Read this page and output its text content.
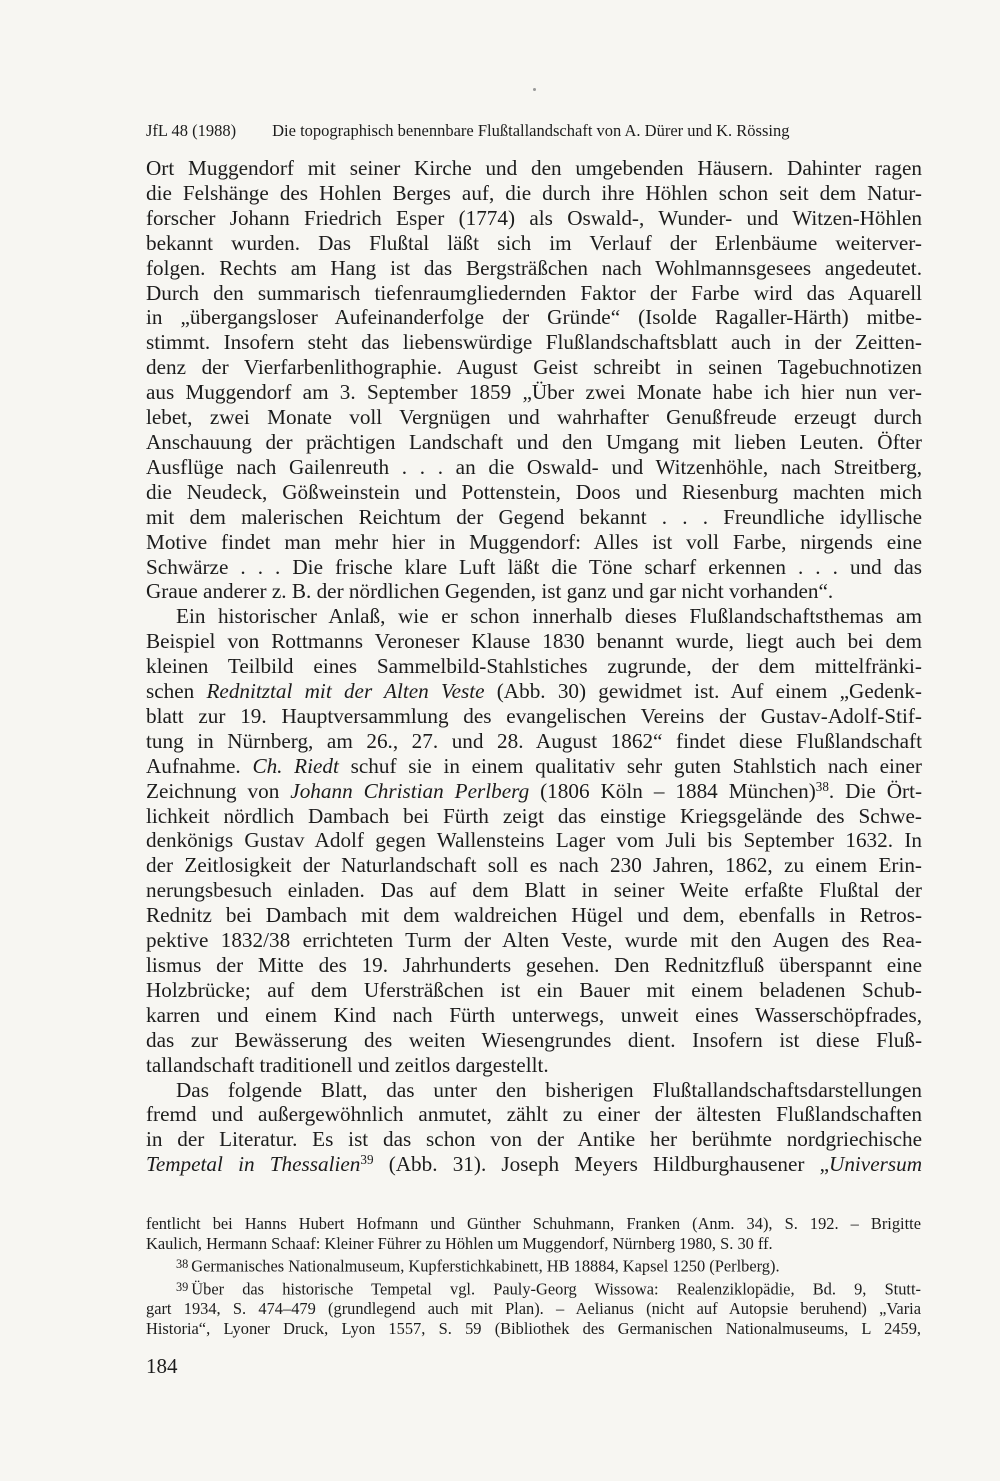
JfL 48 (1988) Die topographisch benennbare Flußtallandschaft von A. Dürer und K. Rössing
Ort Muggendorf mit seiner Kirche und den umgebenden Häusern. Dahinter ragen
die Felshänge des Hohlen Berges auf, die durch ihre Höhlen schon seit dem Natur-
forscher Johann Friedrich Esper (1774) als Oswald-, Wunder- und Witzen-Höhlen
bekannt wurden. Das Flußtal läßt sich im Verlauf der Erlenbäume weiterver-
folgen. Rechts am Hang ist das Bergsträßchen nach Wohlmannsgesees angedeutet.
Durch den summarisch tiefenraumgliedernden Faktor der Farbe wird das Aquarell
in „übergangsloser Aufeinanderfolge der Gründe“ (Isolde Ragaller-Härth) mitbe-
stimmt. Insofern steht das liebenswürdige Flußlandschaftsblatt auch in der Zeitten-
denz der Vierfarbenlithographie. August Geist schreibt in seinen Tagebuchnotizen
aus Muggendorf am 3. September 1859 „Über zwei Monate habe ich hier nun ver-
lebet, zwei Monate voll Vergnügen und wahrhafter Genußfreude erzeugt durch
Anschauung der prächtigen Landschaft und den Umgang mit lieben Leuten. Öfter
Ausflüge nach Gailenreuth . . . an die Oswald- und Witzenhöhle, nach Streitberg,
die Neudeck, Gößweinstein und Pottenstein, Doos und Riesenburg machten mich
mit dem malerischen Reichtum der Gegend bekannt . . . Freundliche idyllische
Motive findet man mehr hier in Muggendorf: Alles ist voll Farbe, nirgends eine
Schwärze . . . Die frische klare Luft läßt die Töne scharf erkennen . . . und das
Graue anderer z. B. der nördlichen Gegenden, ist ganz und gar nicht vorhanden“.
Ein historischer Anlaß, wie er schon innerhalb dieses Flußlandschaftsthemas am
Beispiel von Rottmanns Veroneser Klause 1830 benannt wurde, liegt auch bei dem
kleinen Teilbild eines Sammelbild-Stahlstiches zugrunde, der dem mittelfränki-
schen Rednitztal mit der Alten Veste (Abb. 30) gewidmet ist. Auf einem „Gedenk-
blatt zur 19. Hauptversammlung des evangelischen Vereins der Gustav-Adolf-Stif-
tung in Nürnberg, am 26., 27. und 28. August 1862“ findet diese Flußlandschaft
Aufnahme. Ch. Riedt schuf sie in einem qualitativ sehr guten Stahlstich nach einer
Zeichnung von Johann Christian Perlberg (1806 Köln – 1884 München)$^{38}$. Die Ört-
lichkeit nördlich Dambach bei Fürth zeigt das einstige Kriegsgelände des Schwe-
denkönigs Gustav Adolf gegen Wallensteins Lager vom Juli bis September 1632. In
der Zeitlosigkeit der Naturlandschaft soll es nach 230 Jahren, 1862, zu einem Erin-
nerungsbesuch einladen. Das auf dem Blatt in seiner Weite erfaßte Flußtal der
Rednitz bei Dambach mit dem waldreichen Hügel und dem, ebenfalls in Retros-
pektive 1832/38 errichteten Turm der Alten Veste, wurde mit den Augen des Rea-
lismus der Mitte des 19. Jahrhunderts gesehen. Den Rednitzfluß überspannt eine
Holzbrücke; auf dem Ufersträßchen ist ein Bauer mit einem beladenen Schub-
karren und einem Kind nach Fürth unterwegs, unweit eines Wasserschöpfrades,
das zur Bewässerung des weiten Wiesengrundes dient. Insofern ist diese Fluß-
tallandschaft traditionell und zeitlos dargestellt.
Das folgende Blatt, das unter den bisherigen Flußtallandschaftsdarstellungen
fremd und außergewöhnlich anmutet, zählt zu einer der ältesten Flußlandschaften
in der Literatur. Es ist das schon von der Antike her berühmte nordgriechische
Tempetal in Thessalien$^{39}$ (Abb. 31). Joseph Meyers Hildburghausener „Universum
fentlicht bei Hanns Hubert Hofmann und Günther Schuhmann, Franken (Anm. 34), S. 192. – Brigitte
Kaulich, Hermann Schaaf: Kleiner Führer zu Höhlen um Muggendorf, Nürnberg 1980, S. 30 ff.
$^{38}$ Germanisches Nationalmuseum, Kupferstichkabinett, HB 18884, Kapsel 1250 (Perlberg).
$^{39}$ Über das historische Tempetal vgl. Pauly-Georg Wissowa: Realenziklopädie, Bd. 9, Stutt-
gart 1934, S. 474–479 (grundlegend auch mit Plan). – Aelianus (nicht auf Autopsie beruhend) „Varia
Historia“, Lyoner Druck, Lyon 1557, S. 59 (Bibliothek des Germanischen Nationalmuseums, L 2459,
184
